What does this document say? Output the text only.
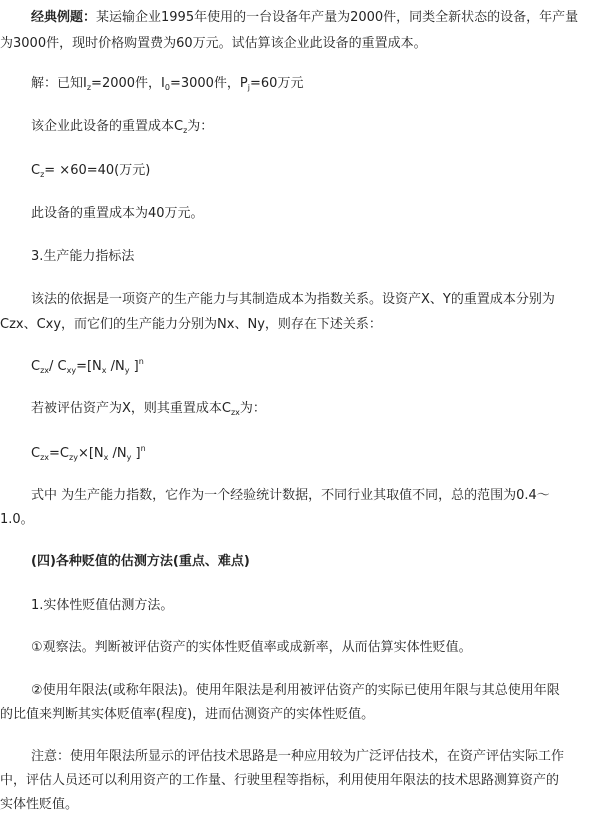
经典例题：某运输企业1995年使用的一台设备年产量为2000件，同类全新状态的设备，年产量
为3000件，现时价格购置费为60万元。试估算该企业此设备的重置成本。
解：已知$I_z=2000$件，$I_0=3000$件，$P_j=60$万元
该企业此设备的重置成本$C_z$为：
$C_z= \times 60=40$(万元)
此设备的重置成本为40万元。
3.生产能力指标法
该法的依据是一项资产的生产能力与其制造成本为指数关系。设资产X、Y的重置成本分别为
Czx、Cxy，而它们的生产能力分别为Nx、Ny，则存在下述关系：
$C_{zx}/$ $C_{xy}=[N_x$ $/N_y$ ]$^n$
若被评估资产为X，则其重置成本$C_{zx}$为：
$C_{zx}=C_{zy}\times[N_x$ $/N_y$ ]$^n$
式中 为生产能力指数，它作为一个经验统计数据，不同行业其取值不同，总的范围为0.4～
1.0。
(四)各种贬值的估测方法(重点、难点)
1.实体性贬值估测方法。
①观察法。判断被评估资产的实体性贬值率或成新率，从而估算实体性贬值。
②使用年限法(或称年限法)。使用年限法是利用被评估资产的实际已使用年限与其总使用年限
的比值来判断其实体贬值率(程度)，进而估测资产的实体性贬值。
注意：使用年限法所显示的评估技术思路是一种应用较为广泛评估技术，在资产评估实际工作
中，评估人员还可以利用资产的工作量、行驶里程等指标，利用使用年限法的技术思路测算资产的
实体性贬值。
